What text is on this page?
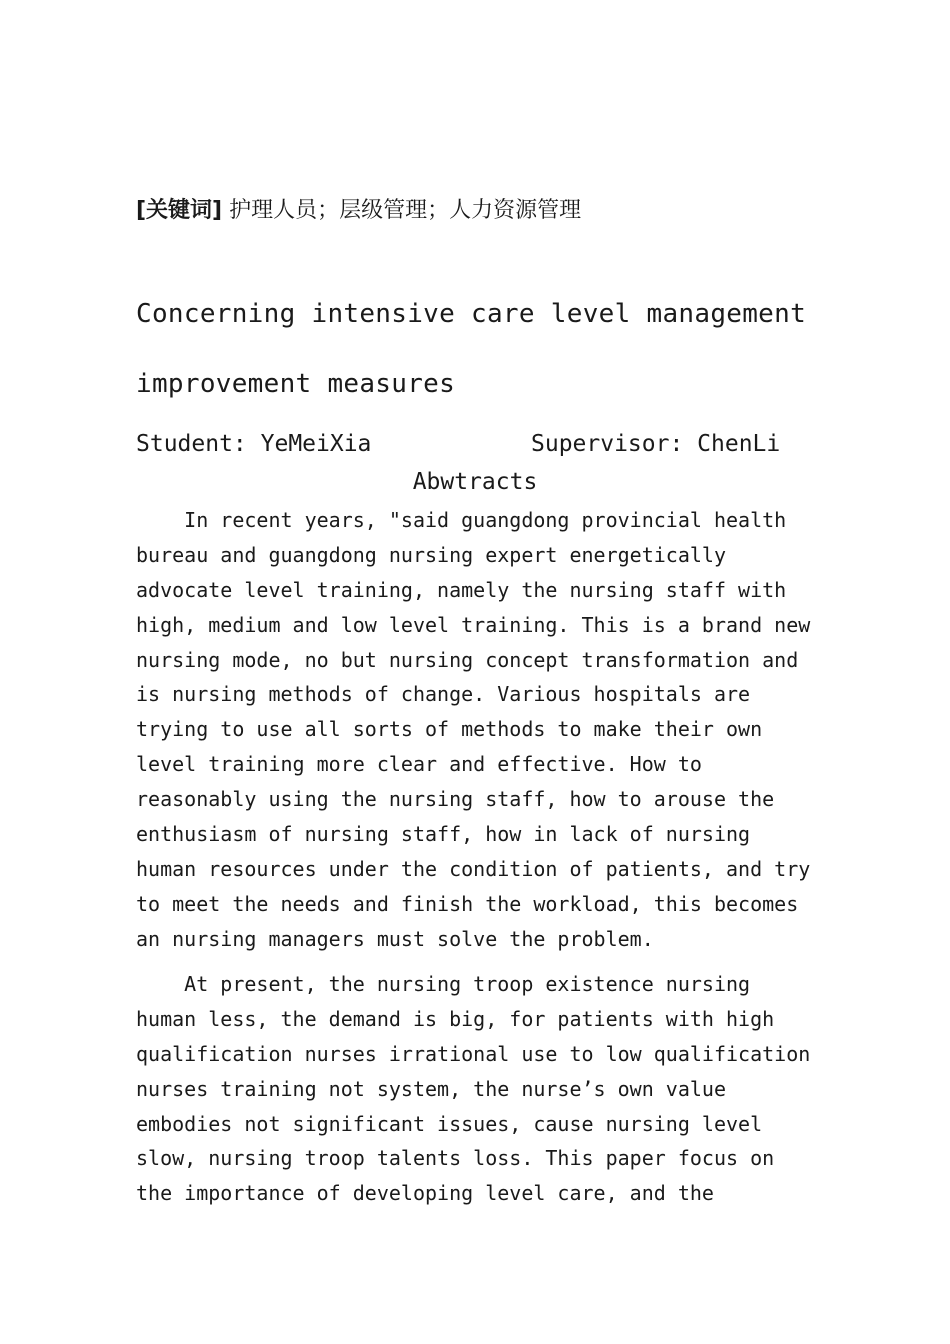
[关键词] 护理人员；层级管理；人力资源管理
Concerning intensive care level management
improvement measures
Student: YeMeiXia	Supervisor: ChenLi
Abwtracts
In recent years, "said guangdong provincial health
bureau and guangdong nursing expert energetically
advocate level training, namely the nursing staff with
high, medium and low level training. This is a brand new
nursing mode, no but nursing concept transformation and
is nursing methods of change. Various hospitals are
trying to use all sorts of methods to make their own
level training more clear and effective. How to
reasonably using the nursing staff, how to arouse the
enthusiasm of nursing staff, how in lack of nursing
human resources under the condition of patients, and try
to meet the needs and finish the workload, this becomes
an nursing managers must solve the problem.
At present, the nursing troop existence nursing
human less, the demand is big, for patients with high
qualification nurses irrational use to low qualification
nurses training not system, the nurse’s own value
embodies not significant issues, cause nursing level
slow, nursing troop talents loss. This paper focus on
the importance of developing level care, and the
